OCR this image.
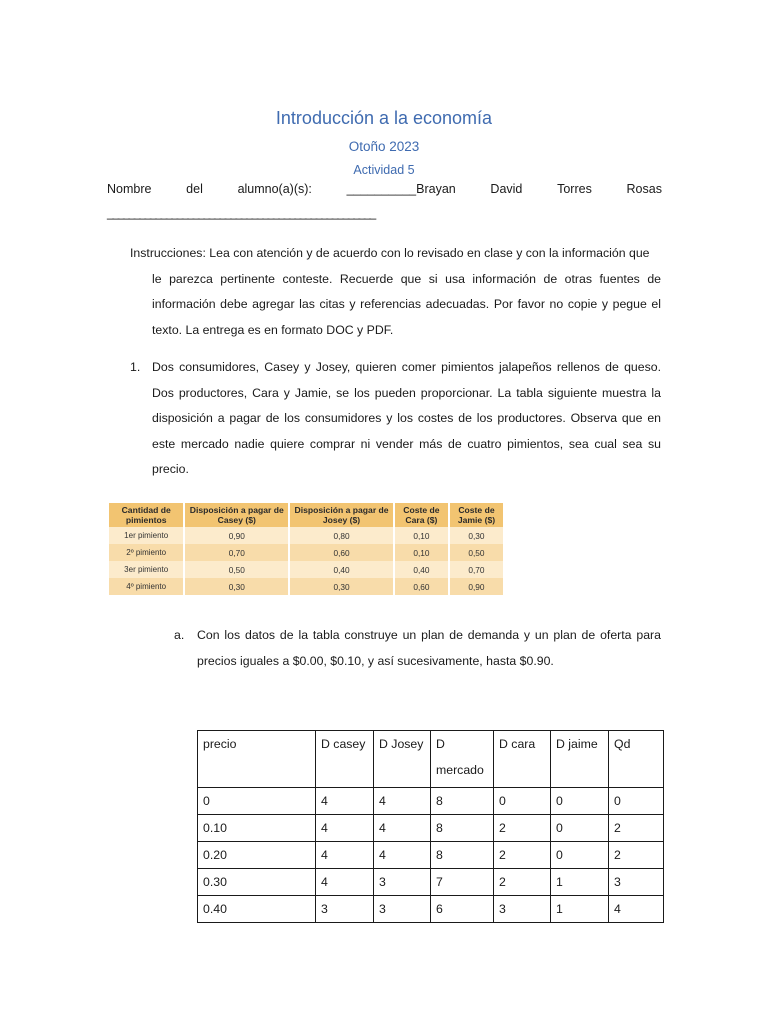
Introducción a la economía
Otoño 2023
Actividad 5
Nombre	del	alumno(a)(s):	__________Brayan	David	Torres	Rosas
__________________________________________________

Instrucciones: Lea con atención y de acuerdo con lo revisado en clase y con la información que

le parezca pertinente conteste. Recuerde que si usa información de otras fuentes de información debe agregar las citas y referencias adecuadas. Por favor no copie y pegue el texto. La entrega es en formato DOC y PDF.

1. Dos consumidores, Casey y Josey, quieren comer pimientos jalapeños rellenos de queso. Dos productores, Cara y Jamie, se los pueden proporcionar. La tabla siguiente muestra la disposición a pagar de los consumidores y los costes de los productores. Observa que en este mercado nadie quiere comprar ni vender más de cuatro pimientos, sea cual sea su precio.
Cantidad de pimientos	Disposición a pagar de Casey ($)	Disposición a pagar de Josey ($)	Coste de Cara ($)	Coste de Jamie ($)
1er pimiento	0,90	0,80	0,10	0,30
2º pimiento	0,70	0,60	0,10	0,50
3er pimiento	0,50	0,40	0,40	0,70
4º pimiento	0,30	0,30	0,60	0,90
a. Con los datos de la tabla construye un plan de demanda y un plan de oferta para precios iguales a $0.00, $0.10, y así sucesivamente, hasta $0.90.
precio	D casey	D Josey	D mercado	D cara	D jaime	Qd
0	4	4	8	0	0	0
0.10	4	4	8	2	0	2
0.20	4	4	8	2	0	2
0.30	4	3	7	2	1	3
0.40	3	3	6	3	1	4
